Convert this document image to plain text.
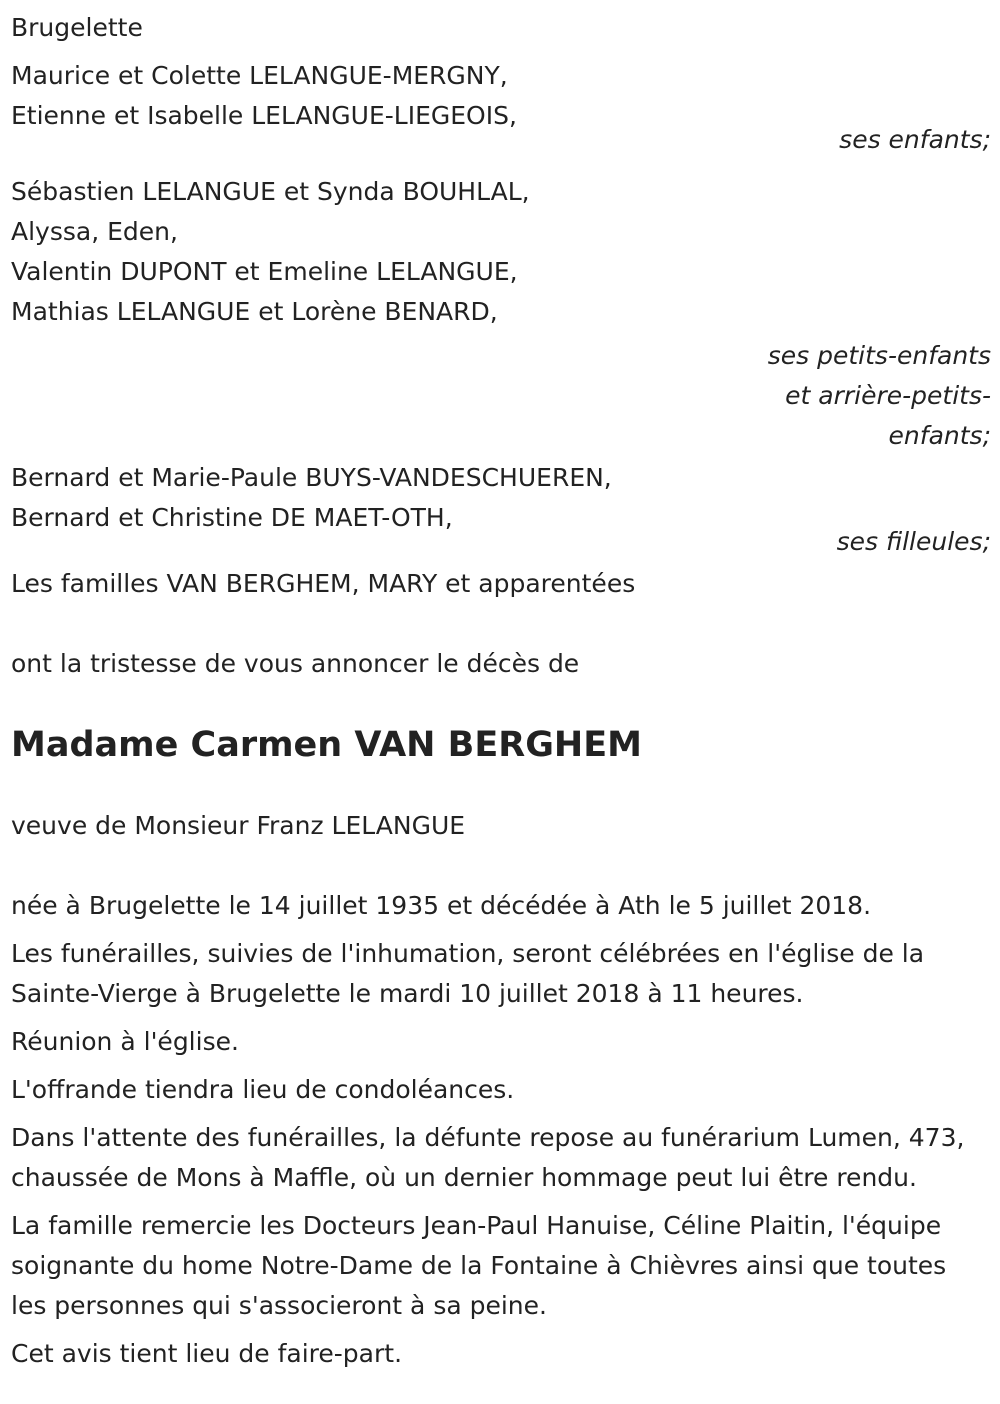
Brugelette
Maurice et Colette LELANGUE-MERGNY,
Etienne et Isabelle LELANGUE-LIEGEOIS,
ses enfants;
Sébastien LELANGUE et Synda BOUHLAL,
Alyssa, Eden,
Valentin DUPONT et Emeline LELANGUE,
Mathias LELANGUE et Lorène BENARD,
ses petits-enfants
et arrière-petits-
enfants;
Bernard et Marie-Paule BUYS-VANDESCHUEREN,
Bernard et Christine DE MAET-OTH,
ses filleules;
Les familles VAN BERGHEM, MARY et apparentées
ont la tristesse de vous annoncer le décès de
Madame Carmen VAN BERGHEM
veuve de Monsieur Franz LELANGUE
née à Brugelette le 14 juillet 1935 et décédée à Ath le 5 juillet 2018.
Les funérailles, suivies de l'inhumation, seront célébrées en l'église de la Sainte-Vierge à Brugelette le mardi 10 juillet 2018 à 11 heures.
Réunion à l'église.
L'offrande tiendra lieu de condoléances.
Dans l'attente des funérailles, la défunte repose au funérarium Lumen, 473, chaussée de Mons à Maffle, où un dernier hommage peut lui être rendu.
La famille remercie les Docteurs Jean-Paul Hanuise, Céline Plaitin, l'équipe soignante du home Notre-Dame de la Fontaine à Chièvres ainsi que toutes les personnes qui s'associeront à sa peine.
Cet avis tient lieu de faire-part.
